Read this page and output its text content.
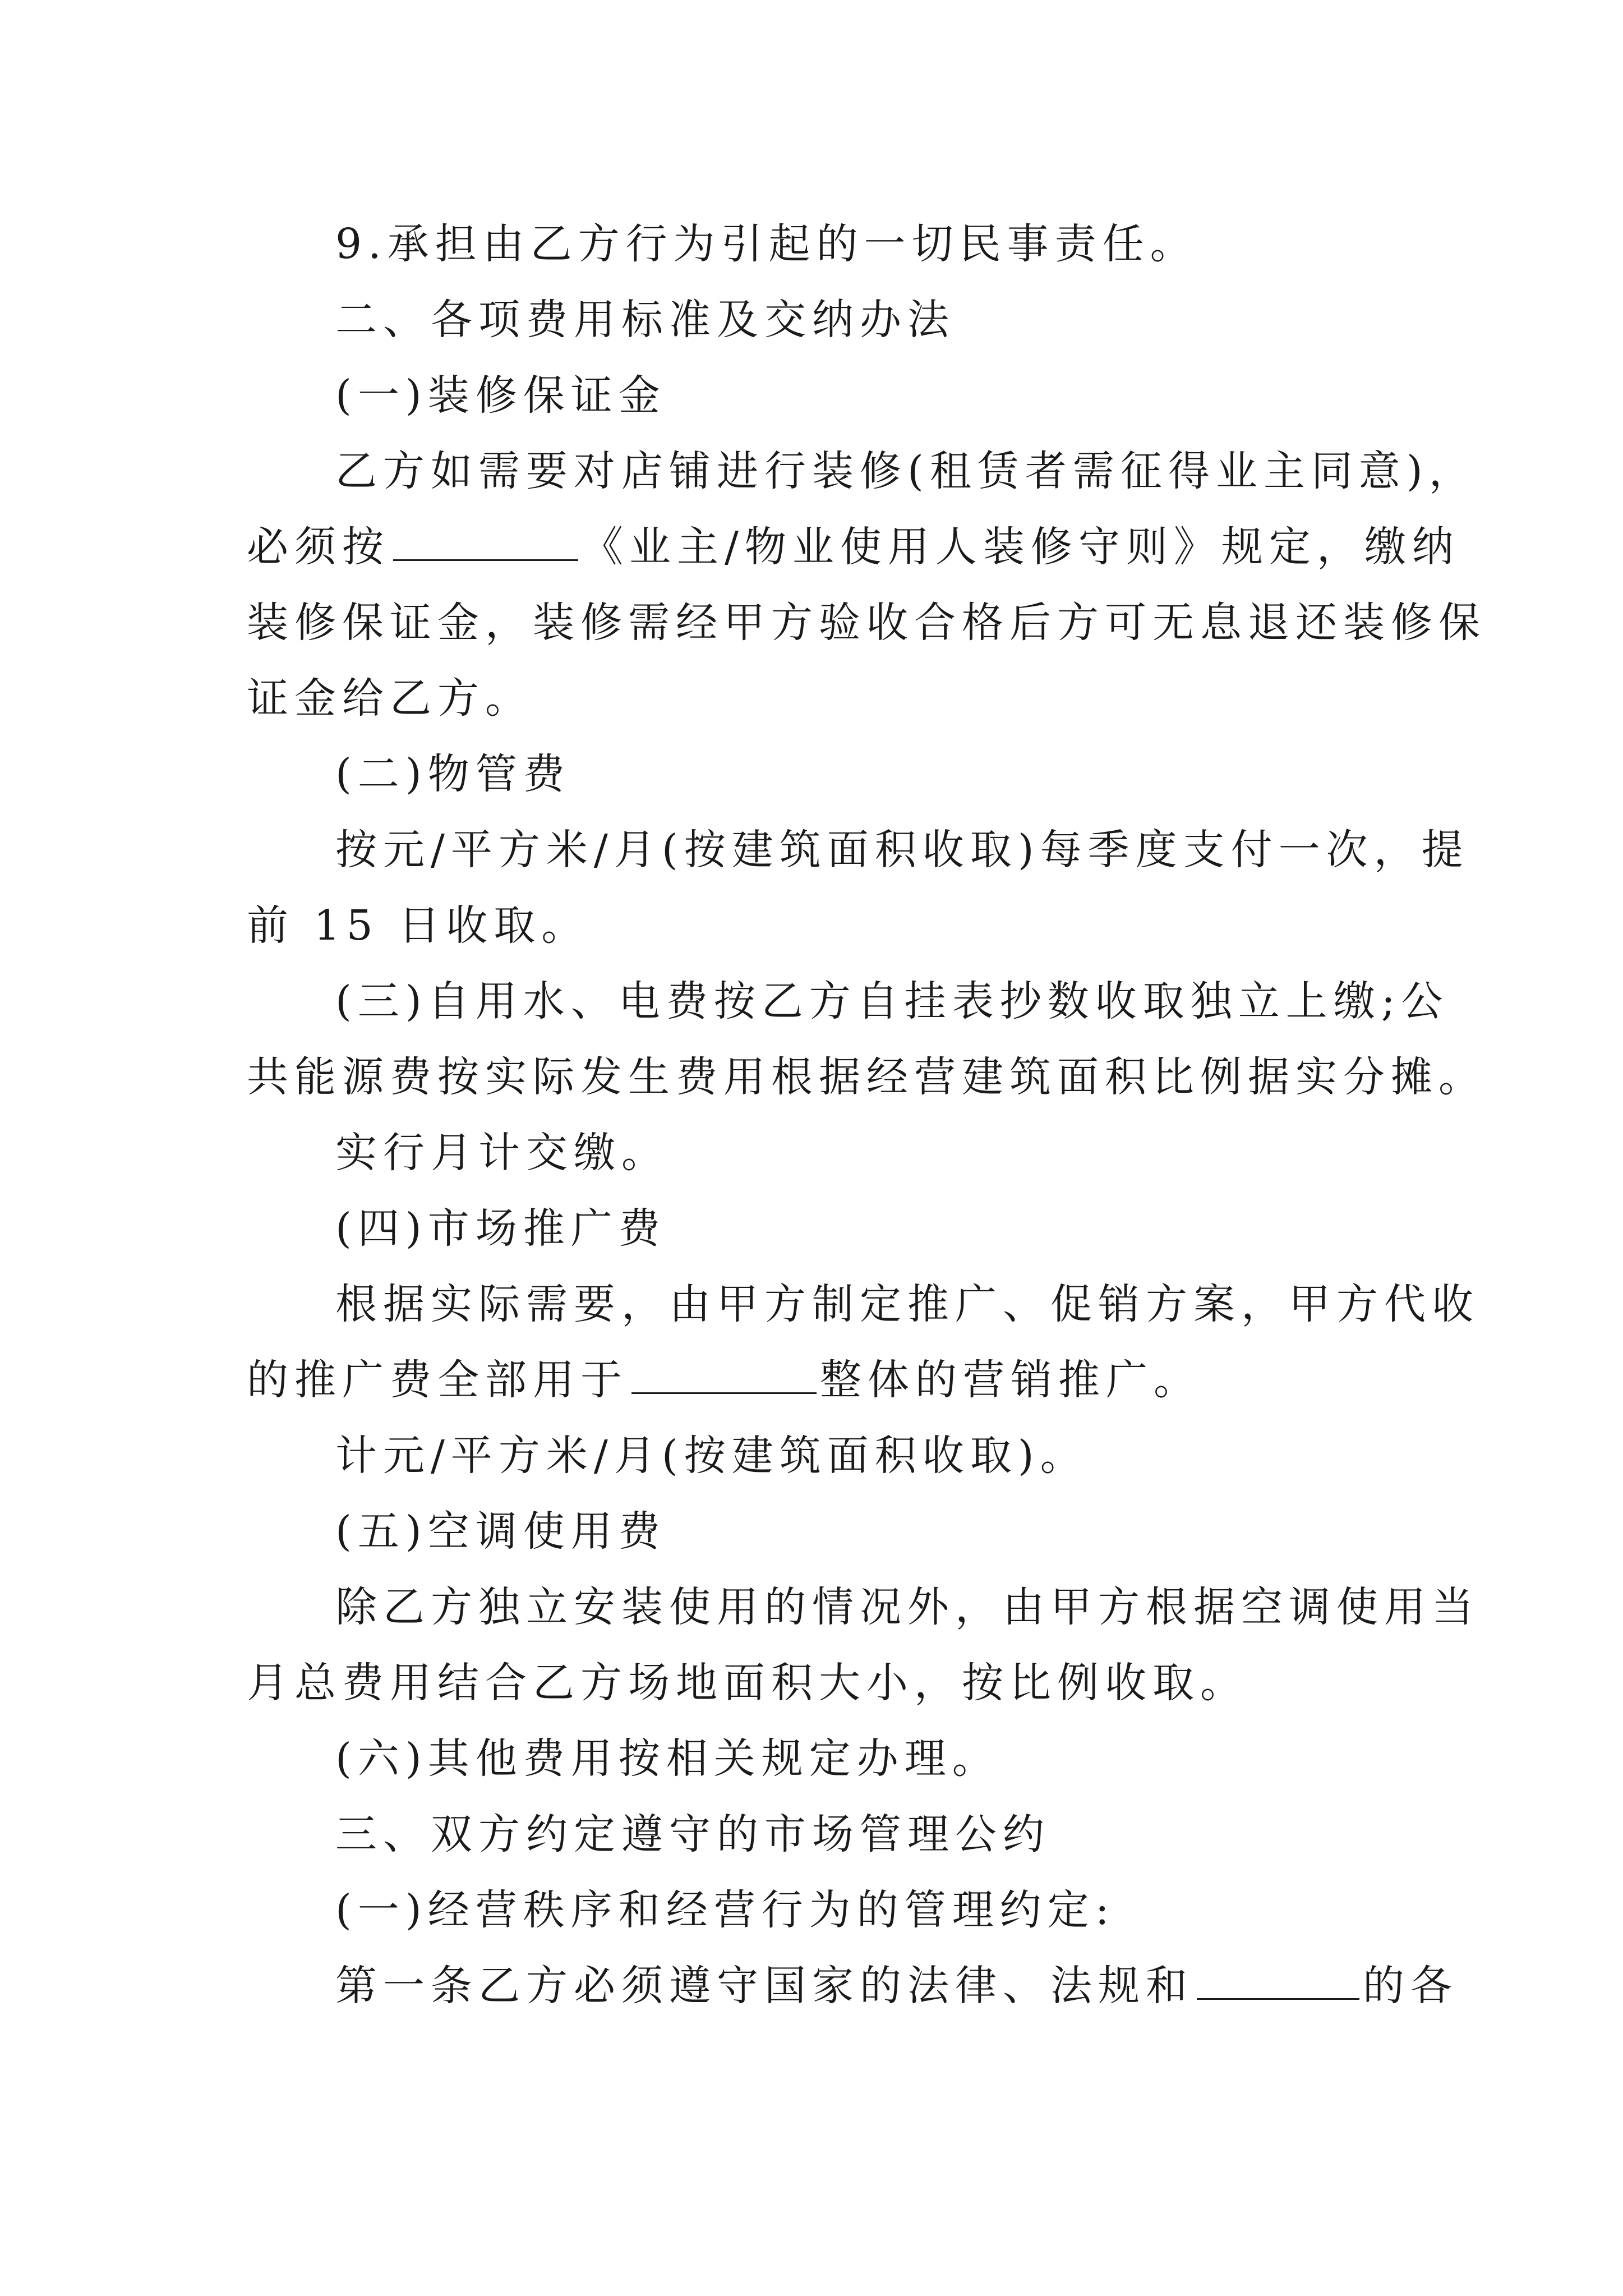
9.承担由乙方行为引起的一切民事责任。
二、各项费用标准及交纳办法
(一)装修保证金
乙方如需要对店铺进行装修(租赁者需征得业主同意)，
必须按	《业主/物业使用人装修守则》规定，缴纳
装修保证金，装修需经甲方验收合格后方可无息退还装修保
证金给乙方。
(二)物管费
按元/平方米/月(按建筑面积收取)每季度支付一次，提
前 15 日收取。
(三)自用水、电费按乙方自挂表抄数收取独立上缴;公
共能源费按实际发生费用根据经营建筑面积比例据实分摊。
实行月计交缴。
(四)市场推广费
根据实际需要，由甲方制定推广、促销方案，甲方代收
的推广费全部用于	整体的营销推广。
计元/平方米/月(按建筑面积收取)。
(五)空调使用费
除乙方独立安装使用的情况外，由甲方根据空调使用当
月总费用结合乙方场地面积大小，按比例收取。
(六)其他费用按相关规定办理。
三、双方约定遵守的市场管理公约
(一)经营秩序和经营行为的管理约定:
第一条乙方必须遵守国家的法律、法规和	的各
